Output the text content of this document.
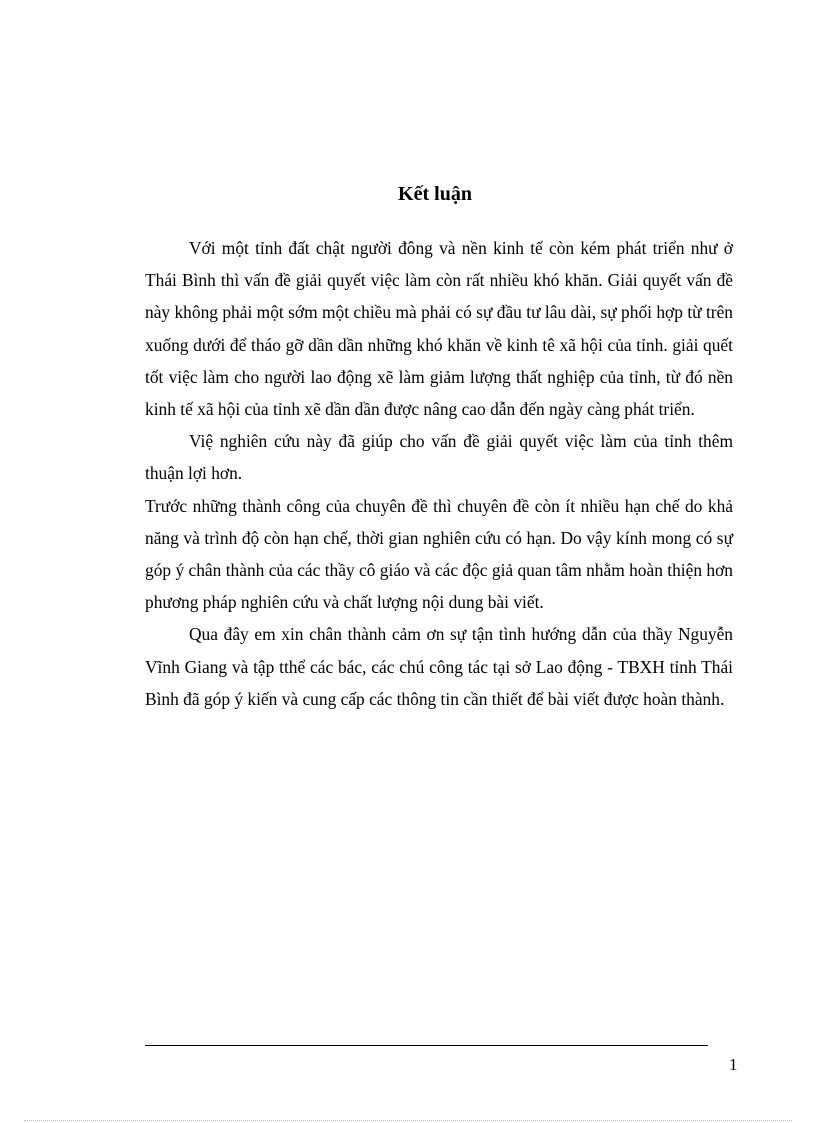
Kết luận

Với một tỉnh đất chật người đông và nền kinh tế còn kém phát triển như ở Thái Bình thì vấn đề giải quyết việc làm còn rất nhiều khó khăn. Giải quyết vấn đề này không phải một sớm một chiều mà phải có sự đầu tư lâu dài, sự phối hợp từ trên xuống dưới để tháo gỡ dần dần những khó khăn về kinh tê xã hội của tỉnh. giải quết tốt việc làm cho người lao động xẽ làm giảm lượng thất nghiệp của tỉnh, từ đó nền kinh tế xã hội của tỉnh xẽ dần dần được nâng cao dẫn đến ngày càng phát triển.

Việ nghiên cứu này đã giúp cho vấn đề giải quyết việc làm của tỉnh thêm thuận lợi hơn.

Trước những thành công của chuyên đề thì chuyên đề còn ít nhiều hạn chế do khả năng và trình độ còn hạn chế, thời gian nghiên cứu có hạn. Do vậy kính mong có sự góp ý chân thành của các thầy cô giáo và các độc giả quan tâm nhằm hoàn thiện hơn phương pháp nghiên cứu và chất lượng nội dung bài viết.

Qua đây em xin chân thành cảm ơn sự tận tình hướng dẫn của thầy Nguyễn Vĩnh Giang và tập tthể các bác, các chú công tác tại sở Lao động - TBXH tỉnh Thái Bình đã góp ý kiến và cung cấp các thông tin cần thiết để bài viết được hoàn thành.

1
